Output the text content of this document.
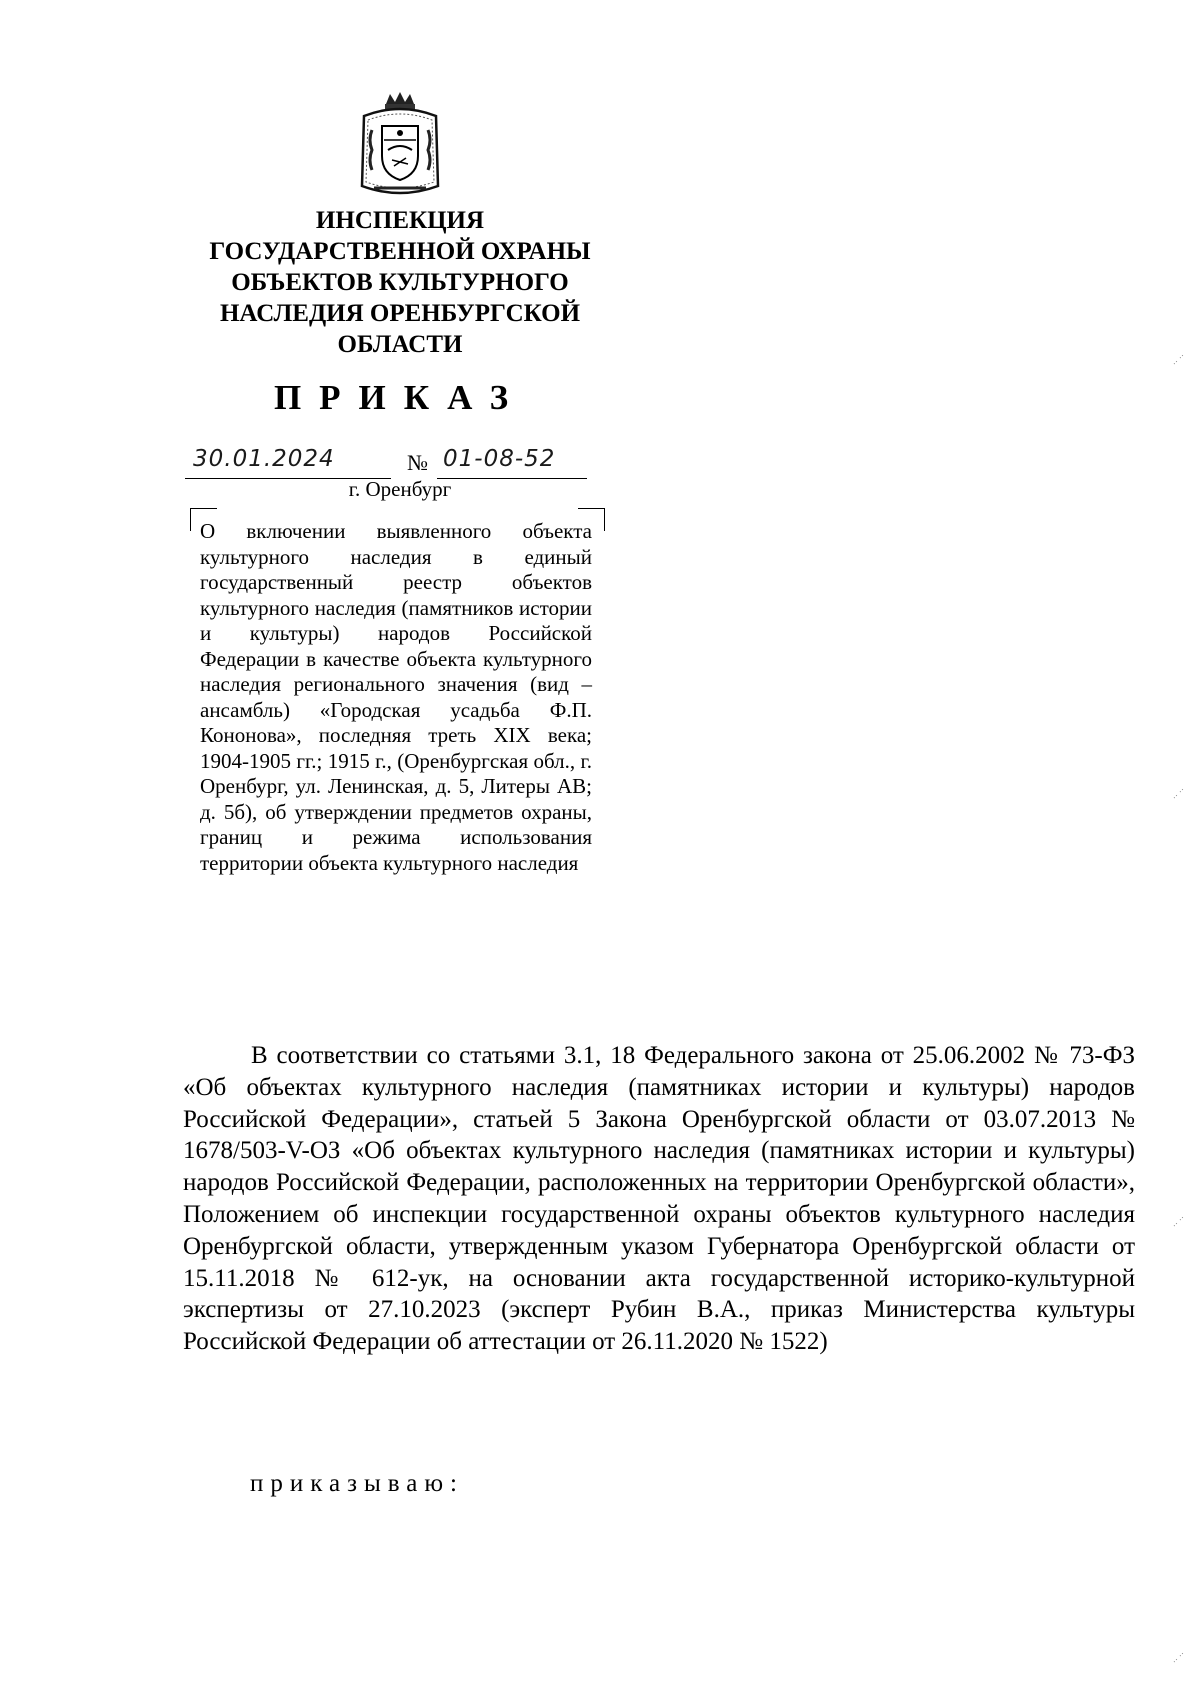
ИНСПЕКЦИЯ
ГОСУДАРСТВЕННОЙ ОХРАНЫ
ОБЪЕКТОВ КУЛЬТУРНОГО
НАСЛЕДИЯ ОРЕНБУРГСКОЙ
ОБЛАСТИ
ПРИКАЗ
30.01.2024	№ 01-08-52
г. Оренбург
О включении выявленного объекта культурного наследия в единый государственный реестр объектов культурного наследия (памятников истории и культуры) народов Российской Федерации в качестве объекта культурного наследия регионального значения (вид – ансамбль) «Городская усадьба Ф.П. Кононова», последняя треть XIX века; 1904-1905 гг.; 1915 г., (Оренбургская обл., г. Оренбург, ул. Ленинская, д. 5, Литеры АВ; д. 5б), об утверждении предметов охраны, границ и режима использования территории объекта культурного наследия
В соответствии со статьями 3.1, 18 Федерального закона от 25.06.2002 № 73-ФЗ «Об объектах культурного наследия (памятниках истории и культуры) народов Российской Федерации», статьей 5 Закона Оренбургской области от 03.07.2013 № 1678/503-V-ОЗ «Об объектах культурного наследия (памятниках истории и культуры) народов Российской Федерации, расположенных на территории Оренбургской области», Положением об инспекции государственной охраны объектов культурного наследия Оренбургской области, утвержденным указом Губернатора Оренбургской области от 15.11.2018 № 612-ук, на основании акта государственной историко-культурной экспертизы от 27.10.2023 (эксперт Рубин В.А., приказ Министерства культуры Российской Федерации об аттестации от 26.11.2020 № 1522)
приказываю:
